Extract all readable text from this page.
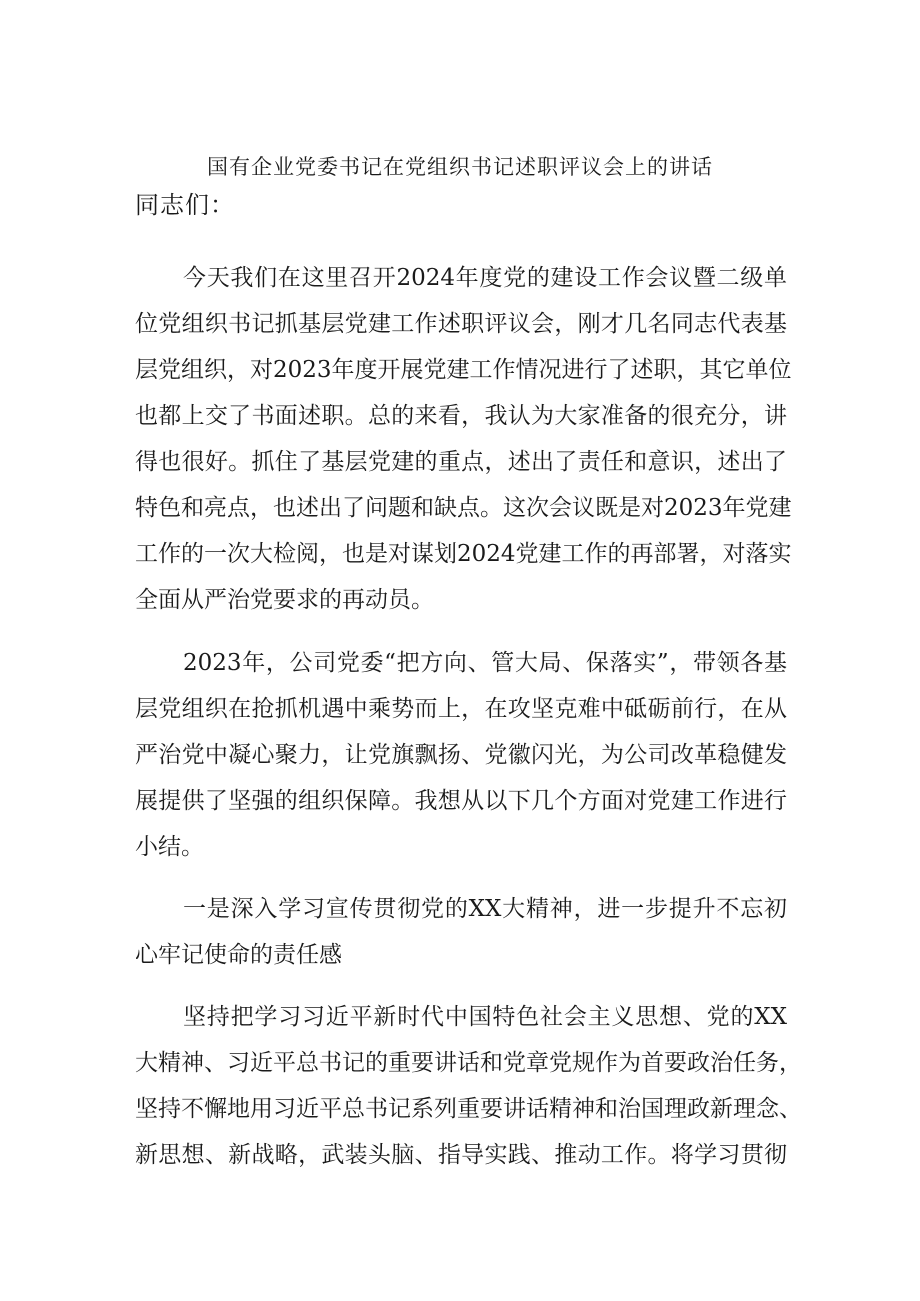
国有企业党委书记在党组织书记述职评议会上的讲话
同志们：
今天我们在这里召开2024年度党的建设工作会议暨二级单
位党组织书记抓基层党建工作述职评议会，刚才几名同志代表基
层党组织，对2023年度开展党建工作情况进行了述职，其它单位
也都上交了书面述职。总的来看，我认为大家准备的很充分，讲
得也很好。抓住了基层党建的重点，述出了责任和意识，述出了
特色和亮点，也述出了问题和缺点。这次会议既是对2023年党建
工作的一次大检阅，也是对谋划2024党建工作的再部署，对落实
全面从严治党要求的再动员。
2023年，公司党委“把方向、管大局、保落实”，带领各基
层党组织在抢抓机遇中乘势而上，在攻坚克难中砥砺前行，在从
严治党中凝心聚力，让党旗飘扬、党徽闪光，为公司改革稳健发
展提供了坚强的组织保障。我想从以下几个方面对党建工作进行
小结。
一是深入学习宣传贯彻党的XX大精神，进一步提升不忘初
心牢记使命的责任感
坚持把学习习近平新时代中国特色社会主义思想、党的XX
大精神、习近平总书记的重要讲话和党章党规作为首要政治任务，
坚持不懈地用习近平总书记系列重要讲话精神和治国理政新理念、
新思想、新战略，武装头脑、指导实践、推动工作。将学习贯彻
